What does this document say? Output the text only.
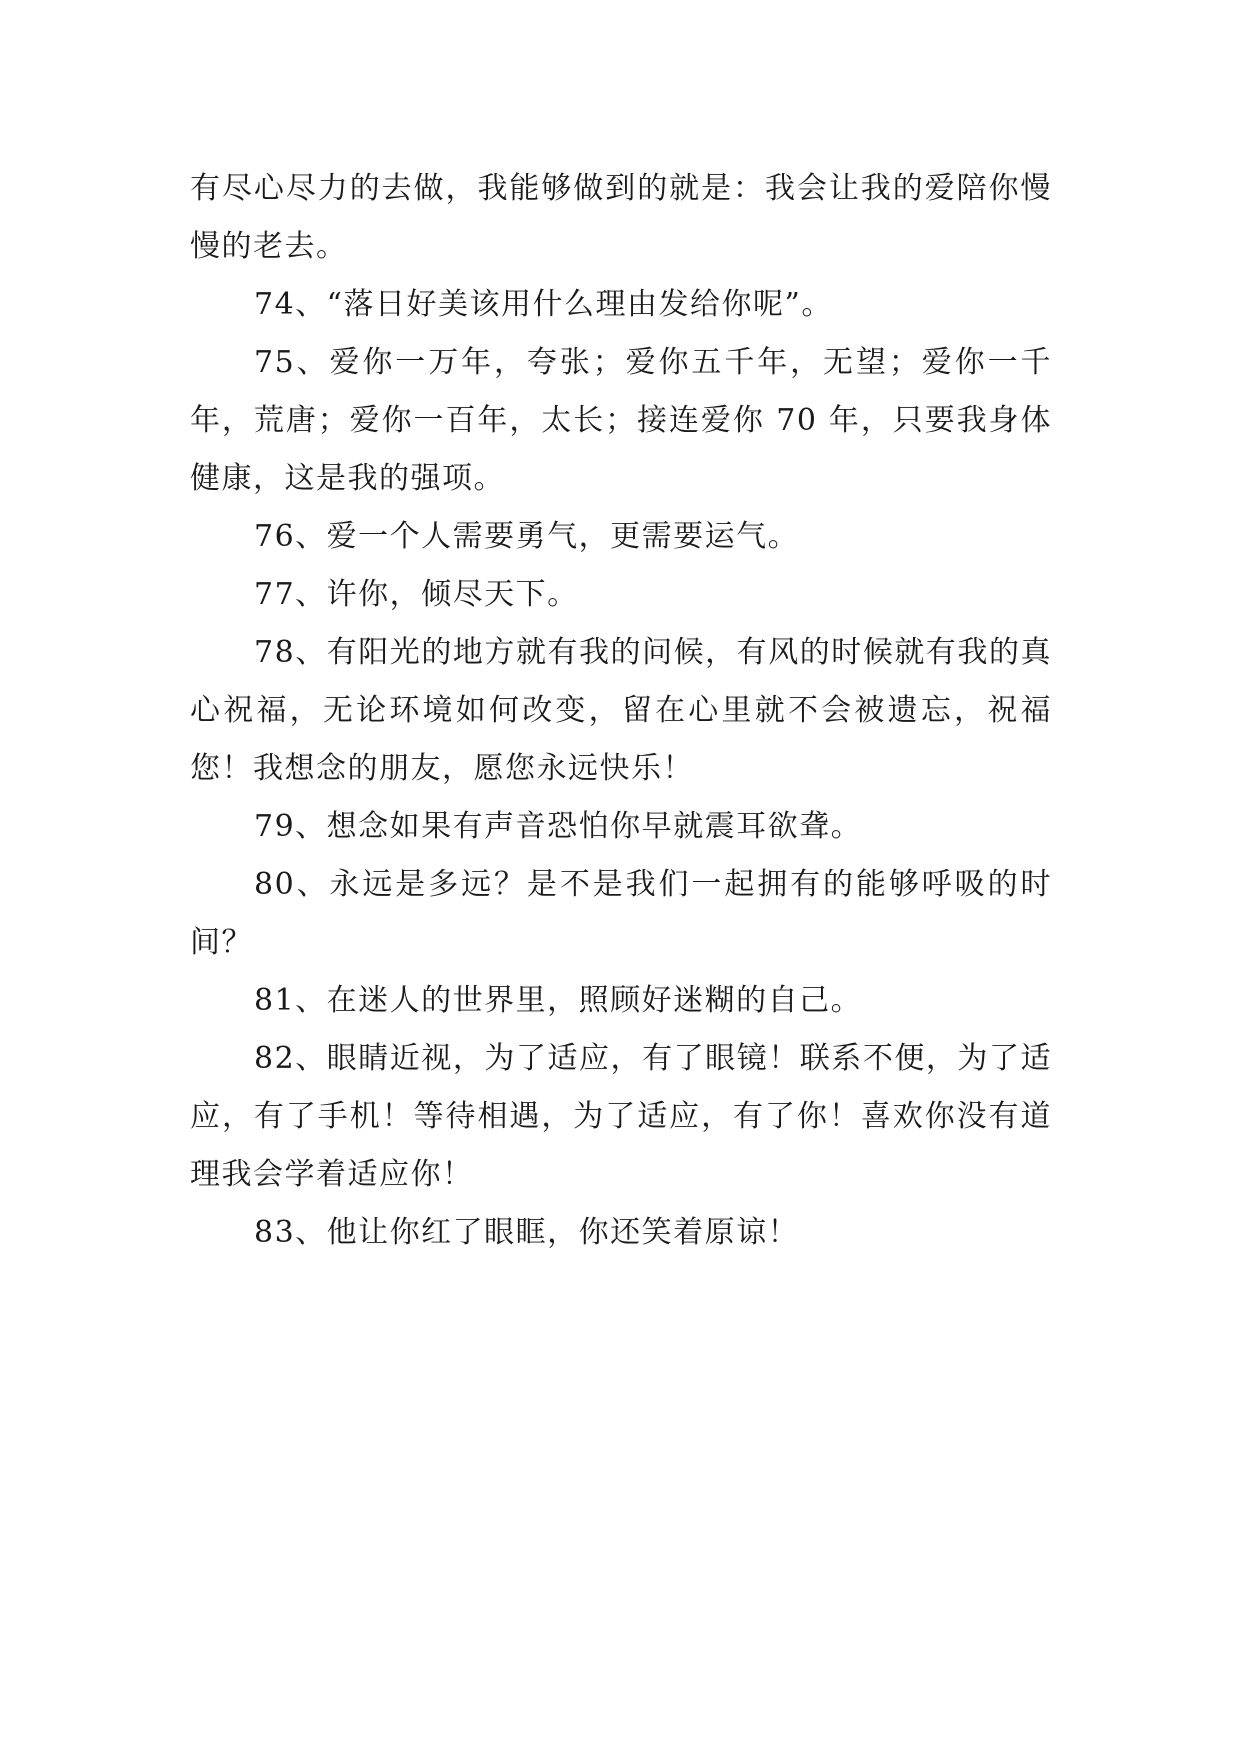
有尽心尽力的去做，我能够做到的就是：我会让我的爱陪你慢慢的老去。

74、“落日好美该用什么理由发给你呢”。

75、爱你一万年，夸张；爱你五千年，无望；爱你一千年，荒唐；爱你一百年，太长；接连爱你 70 年，只要我身体健康，这是我的强项。

76、爱一个人需要勇气，更需要运气。

77、许你，倾尽天下。

78、有阳光的地方就有我的问候，有风的时候就有我的真心祝福，无论环境如何改变，留在心里就不会被遗忘，祝福您！我想念的朋友，愿您永远快乐！

79、想念如果有声音恐怕你早就震耳欲聋。

80、永远是多远？是不是我们一起拥有的能够呼吸的时间？

81、在迷人的世界里，照顾好迷糊的自己。

82、眼睛近视，为了适应，有了眼镜！联系不便，为了适应，有了手机！等待相遇，为了适应，有了你！喜欢你没有道理我会学着适应你！

83、他让你红了眼眶，你还笑着原谅！
